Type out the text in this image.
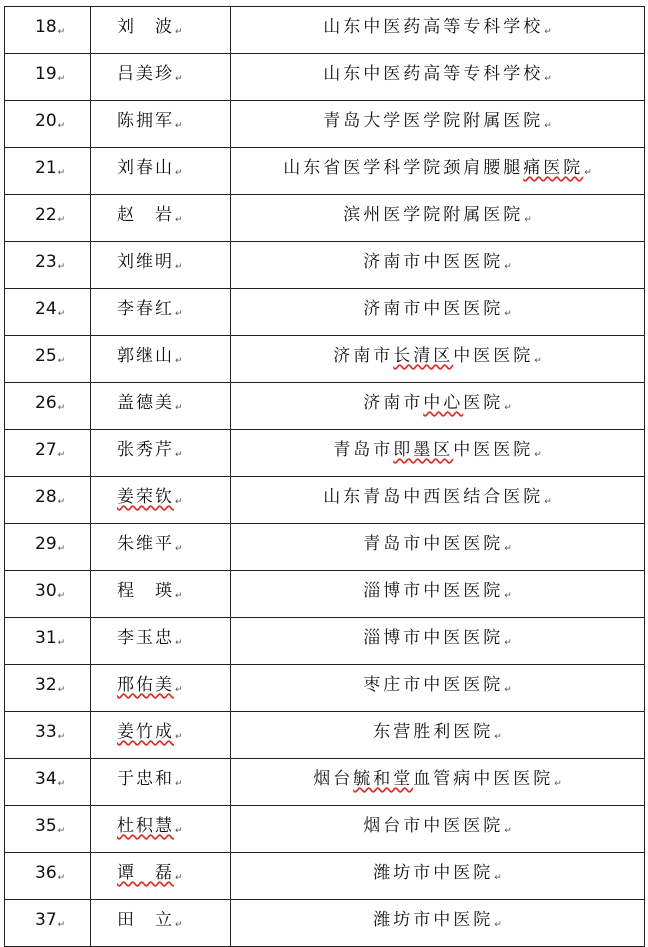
18↵	刘　波↵	山东中医药高等专科学校↵
19↵	吕美珍↵	山东中医药高等专科学校↵
20↵	陈拥军↵	青岛大学医学院附属医院↵
21↵	刘春山↵	山东省医学科学院颈肩腰腿痛医院↵
22↵	赵　岩↵	滨州医学院附属医院↵
23↵	刘维明↵	济南市中医医院↵
24↵	李春红↵	济南市中医医院↵
25↵	郭继山↵	济南市长清区中医医院↵
26↵	盖德美↵	济南市中心医院↵
27↵	张秀芹↵	青岛市即墨区中医医院↵
28↵	姜荣钦↵	山东青岛中西医结合医院↵
29↵	朱维平↵	青岛市中医医院↵
30↵	程　瑛↵	淄博市中医医院↵
31↵	李玉忠↵	淄博市中医医院↵
32↵	邢佑美↵	枣庄市中医医院↵
33↵	姜竹成↵	东营胜利医院↵
34↵	于忠和↵	烟台毓和堂血管病中医医院↵
35↵	杜积慧↵	烟台市中医医院↵
36↵	谭　磊↵	潍坊市中医院↵
37↵	田　立↵	潍坊市中医院↵
